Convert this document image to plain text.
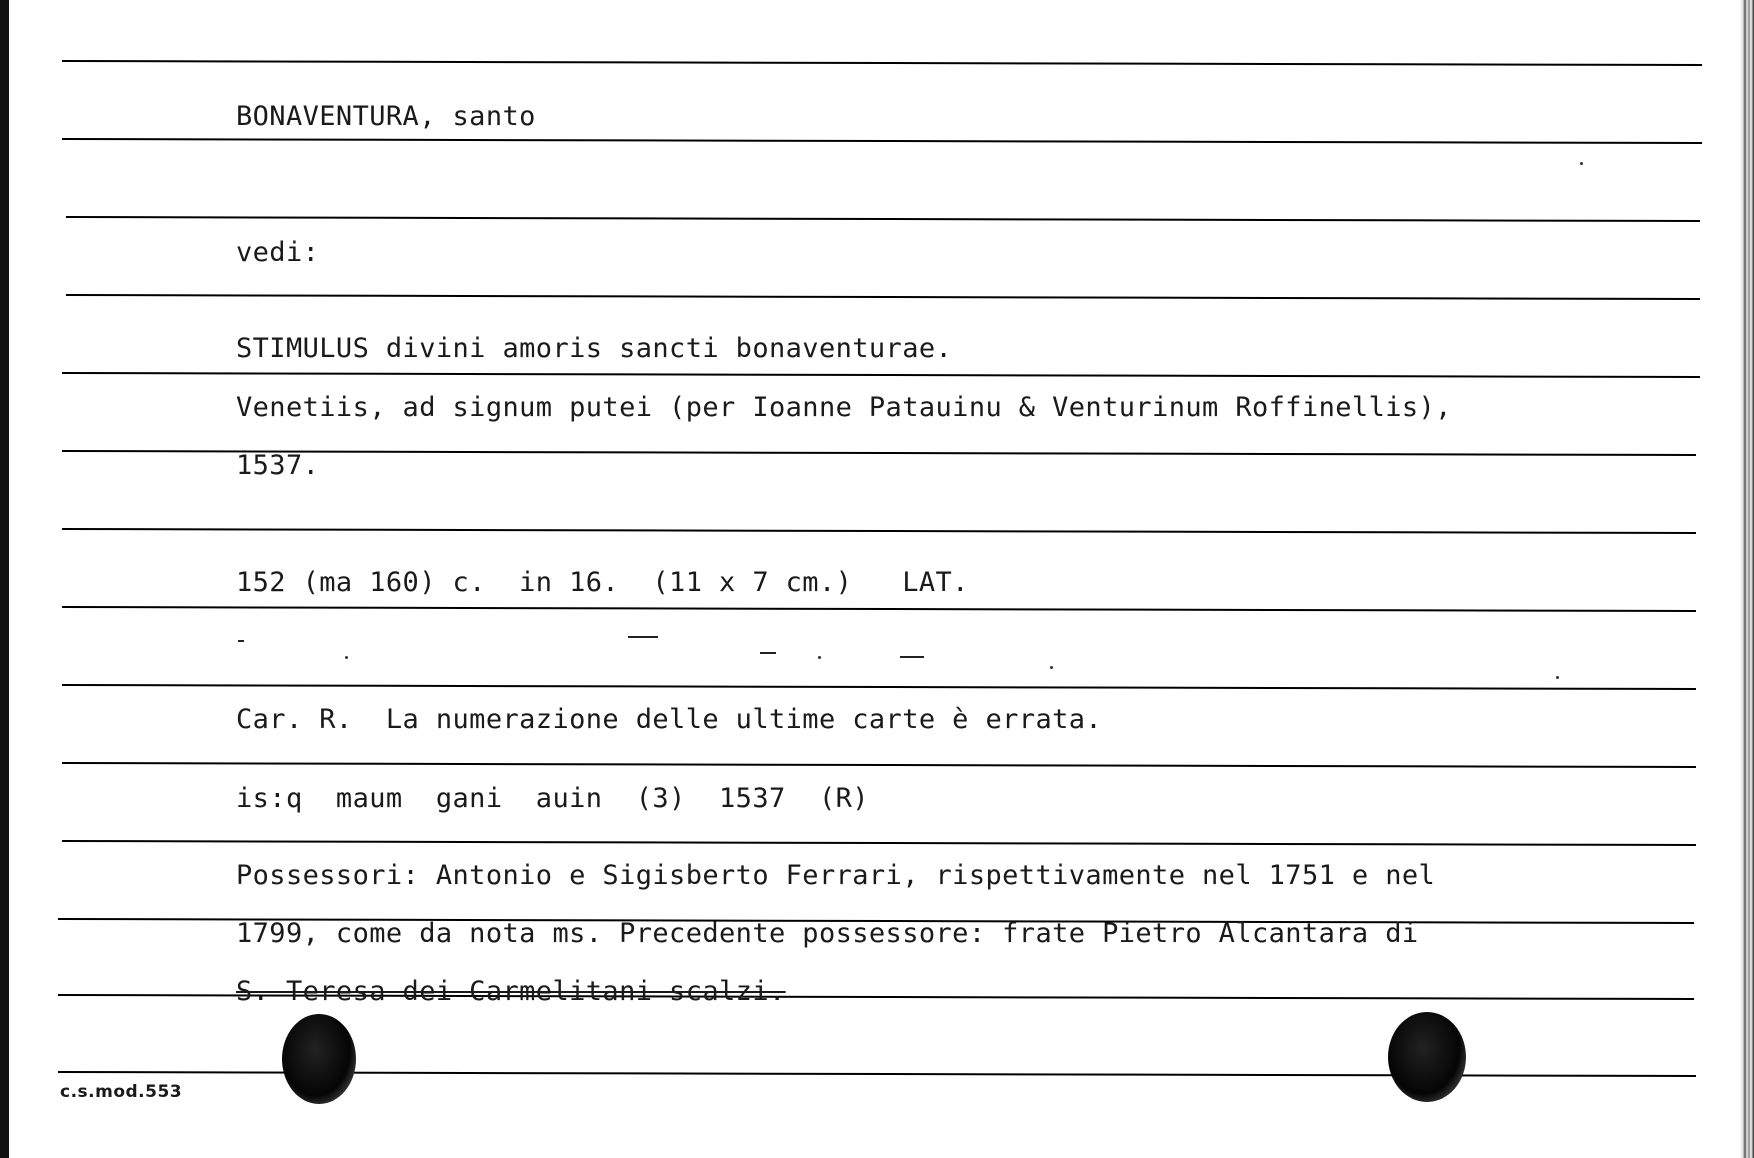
BONAVENTURA, santo
vedi:
STIMULUS divini amoris sancti bonaventurae.
Venetiis, ad signum putei (per Ioanne Patauinu & Venturinum Roffinellis),
1537.
152 (ma 160) c.  in 16.  (11 x 7 cm.)   LAT.
Car. R.  La numerazione delle ultime carte è errata.
is:q  maum  gani  auin  (3)  1537  (R)
Possessori: Antonio e Sigisberto Ferrari, rispettivamente nel 1751 e nel
1799, come da nota ms. Precedente possessore: frate Pietro Alcantara di
S. Teresa dei Carmelitani scalzi.
c.s.mod.553
